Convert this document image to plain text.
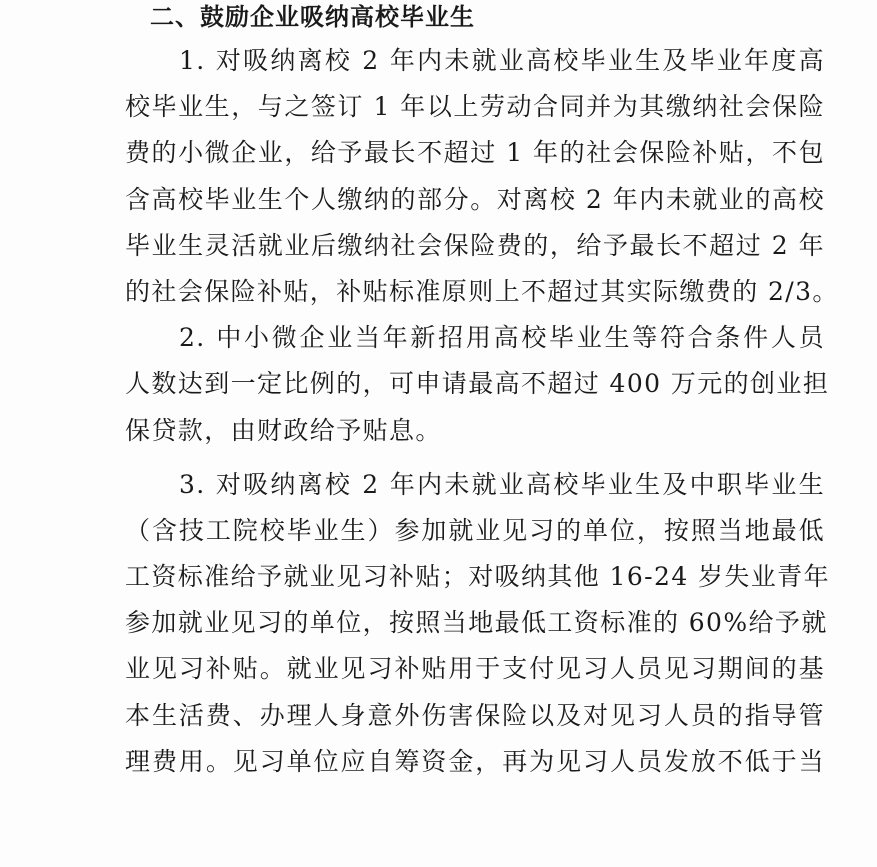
二、鼓励企业吸纳高校毕业生
1. 对吸纳离校 2 年内未就业高校毕业生及毕业年度高
校毕业生，与之签订 1 年以上劳动合同并为其缴纳社会保险
费的小微企业，给予最长不超过 1 年的社会保险补贴，不包
含高校毕业生个人缴纳的部分。对离校 2 年内未就业的高校
毕业生灵活就业后缴纳社会保险费的，给予最长不超过 2 年
的社会保险补贴，补贴标准原则上不超过其实际缴费的 2/3。
2. 中小微企业当年新招用高校毕业生等符合条件人员
人数达到一定比例的，可申请最高不超过 400 万元的创业担
保贷款，由财政给予贴息。
3. 对吸纳离校 2 年内未就业高校毕业生及中职毕业生
（含技工院校毕业生）参加就业见习的单位，按照当地最低
工资标准给予就业见习补贴；对吸纳其他 16-24 岁失业青年
参加就业见习的单位，按照当地最低工资标准的 60%给予就
业见习补贴。就业见习补贴用于支付见习人员见习期间的基
本生活费、办理人身意外伤害保险以及对见习人员的指导管
理费用。见习单位应自筹资金，再为见习人员发放不低于当
